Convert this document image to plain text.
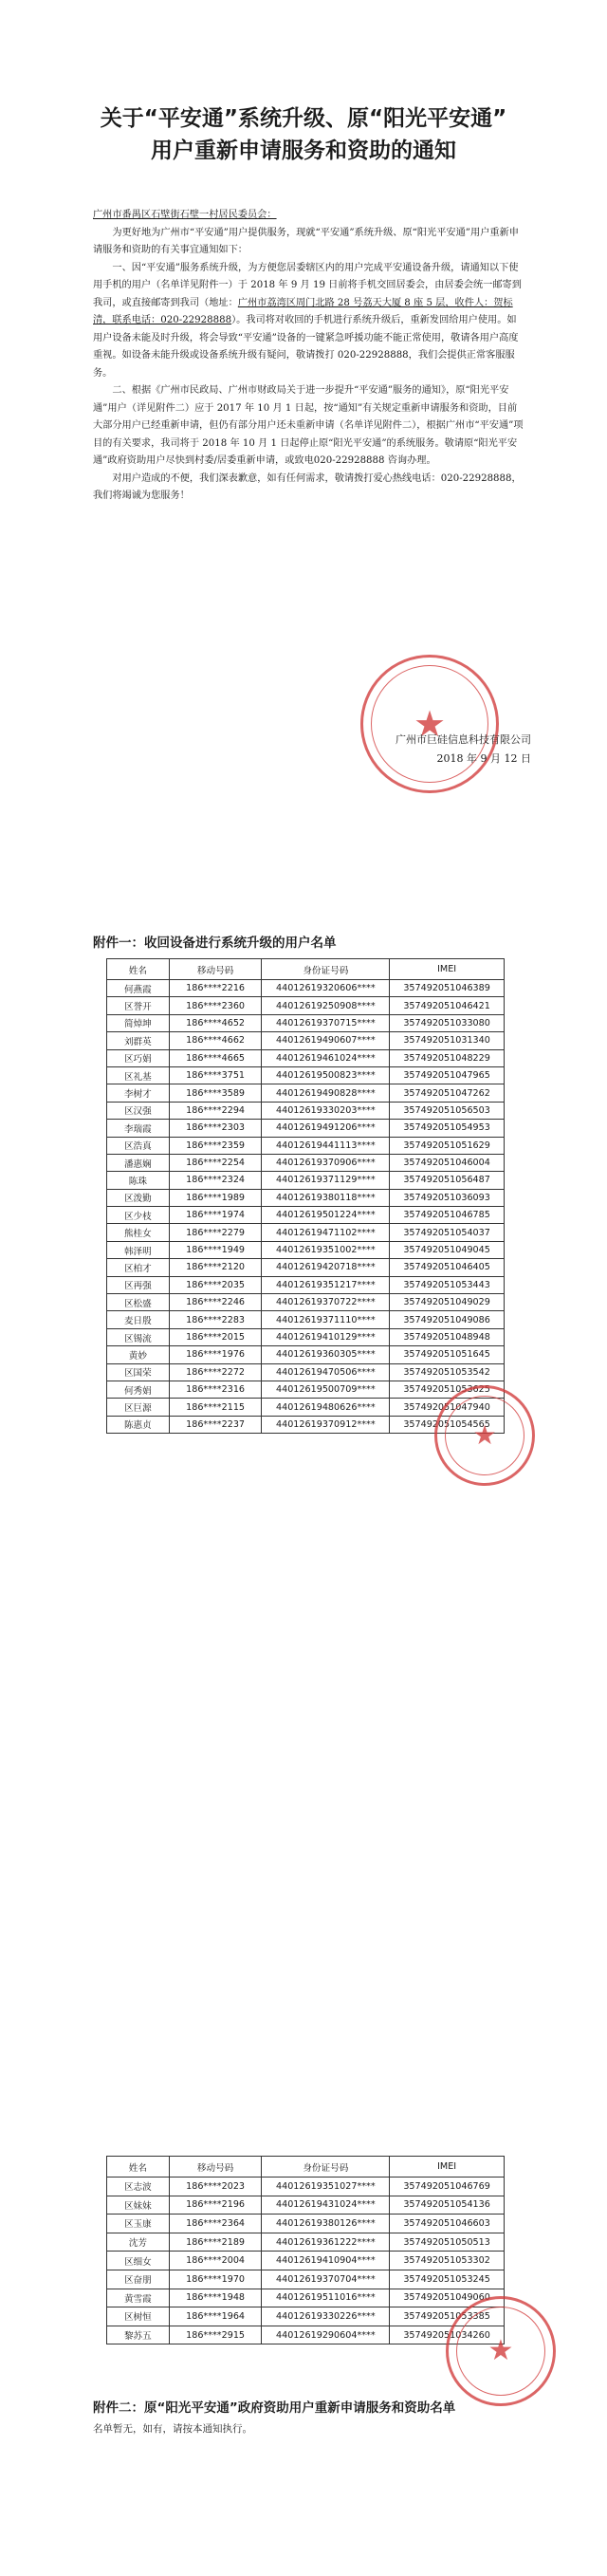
关于“平安通”系统升级、原“阳光平安通”
用户重新申请服务和资助的通知

广州市番禺区石壁街石壁一村居民委员会：

为更好地为广州市“平安通”用户提供服务，现就“平安通”系统升级、原“阳光平安通”用户重新申请服务和资助的有关事宜通知如下：

一、因“平安通”服务系统升级，为方便您居委辖区内的用户完成平安通设备升级，请通知以下使用手机的用户（名单详见附件一）于 2018 年 9 月 19 日前将手机交回居委会，由居委会统一邮寄到我司，或直接邮寄到我司（地址：广州市荔湾区周门北路 28 号荔天大厦 8 座 5 层，收件人：贺标清，联系电话：020-22928888）。我司将对收回的手机进行系统升级后，重新发回给用户使用。如用户设备未能及时升级，将会导致“平安通”设备的一键紧急呼援功能不能正常使用，敬请各用户高度重视。如设备未能升级或设备系统升级有疑问，敬请拨打 020-22928888，我们会提供正常客服服务。

二、根据《广州市民政局、广州市财政局关于进一步提升“平安通”服务的通知》，原“阳光平安通”用户（详见附件二）应于 2017 年 10 月 1 日起，按“通知”有关规定重新申请服务和资助，目前大部分用户已经重新申请，但仍有部分用户还未重新申请（名单详见附件二），根据广州市“平安通”项目的有关要求，我司将于 2018 年 10 月 1 日起停止原“阳光平安通”的系统服务。敬请原“阳光平安通”政府资助用户尽快到村委/居委重新申请，或致电020-22928888 咨询办理。

对用户造成的不便，我们深表歉意，如有任何需求，敬请拨打爱心热线电话：020-22928888，我们将竭诚为您服务！

★
广州市巨硅信息科技有限公司
2018 年 9 月 12 日
附件一：收回设备进行系统升级的用户名单
姓名	移动号码	身份证号码	IMEI
何燕霞	186****2216	44012619320606****	357492051046389
区誉开	186****2360	44012619250908****	357492051046421
简焯坤	186****4652	44012619370715****	357492051033080
刘群英	186****4662	44012619490607****	357492051031340
区巧娟	186****4665	44012619461024****	357492051048229
区礼基	186****3751	44012619500823****	357492051047965
李树才	186****3589	44012619490828****	357492051047262
区汉强	186****2294	44012619330203****	357492051056503
李瑞霞	186****2303	44012619491206****	357492051054953
区浩真	186****2359	44012619441113****	357492051051629
潘惠娴	186****2254	44012619370906****	357492051046004
陈珠	186****2324	44012619371129****	357492051056487
区泼勤	186****1989	44012619380118****	357492051036093
区少枝	186****1974	44012619501224****	357492051046785
熊桂女	186****2279	44012619471102****	357492051054037
韩泽明	186****1949	44012619351002****	357492051049045
区柏才	186****2120	44012619420718****	357492051046405
区再强	186****2035	44012619351217****	357492051053443
区松盛	186****2246	44012619370722****	357492051049029
麦日殷	186****2283	44012619371110****	357492051049086
区锡流	186****2015	44012619410129****	357492051048948
黄妙	186****1976	44012619360305****	357492051051645
区国荣	186****2272	44012619470506****	357492051053542
何秀娟	186****2316	44012619500709****	357492051053625
区巨源	186****2115	44012619480626****	357492051047940
陈惠贞	186****2237	44012619370912****	357492051054565
★
姓名	移动号码	身份证号码	IMEI
区志波	186****2023	44012619351027****	357492051046769
区妹妹	186****2196	44012619431024****	357492051054136
区玉康	186****2364	44012619380126****	357492051046603
沈芳	186****2189	44012619361222****	357492051050513
区细女	186****2004	44012619410904****	357492051053302
区奋朋	186****1970	44012619370704****	357492051053245
黄雪霞	186****1948	44012619511016****	357492051049060
区树恒	186****1964	44012619330226****	357492051053385
黎苏五	186****2915	44012619290604****	357492051034260
★
附件二：原“阳光平安通”政府资助用户重新申请服务和资助名单
名单暂无，如有，请按本通知执行。
